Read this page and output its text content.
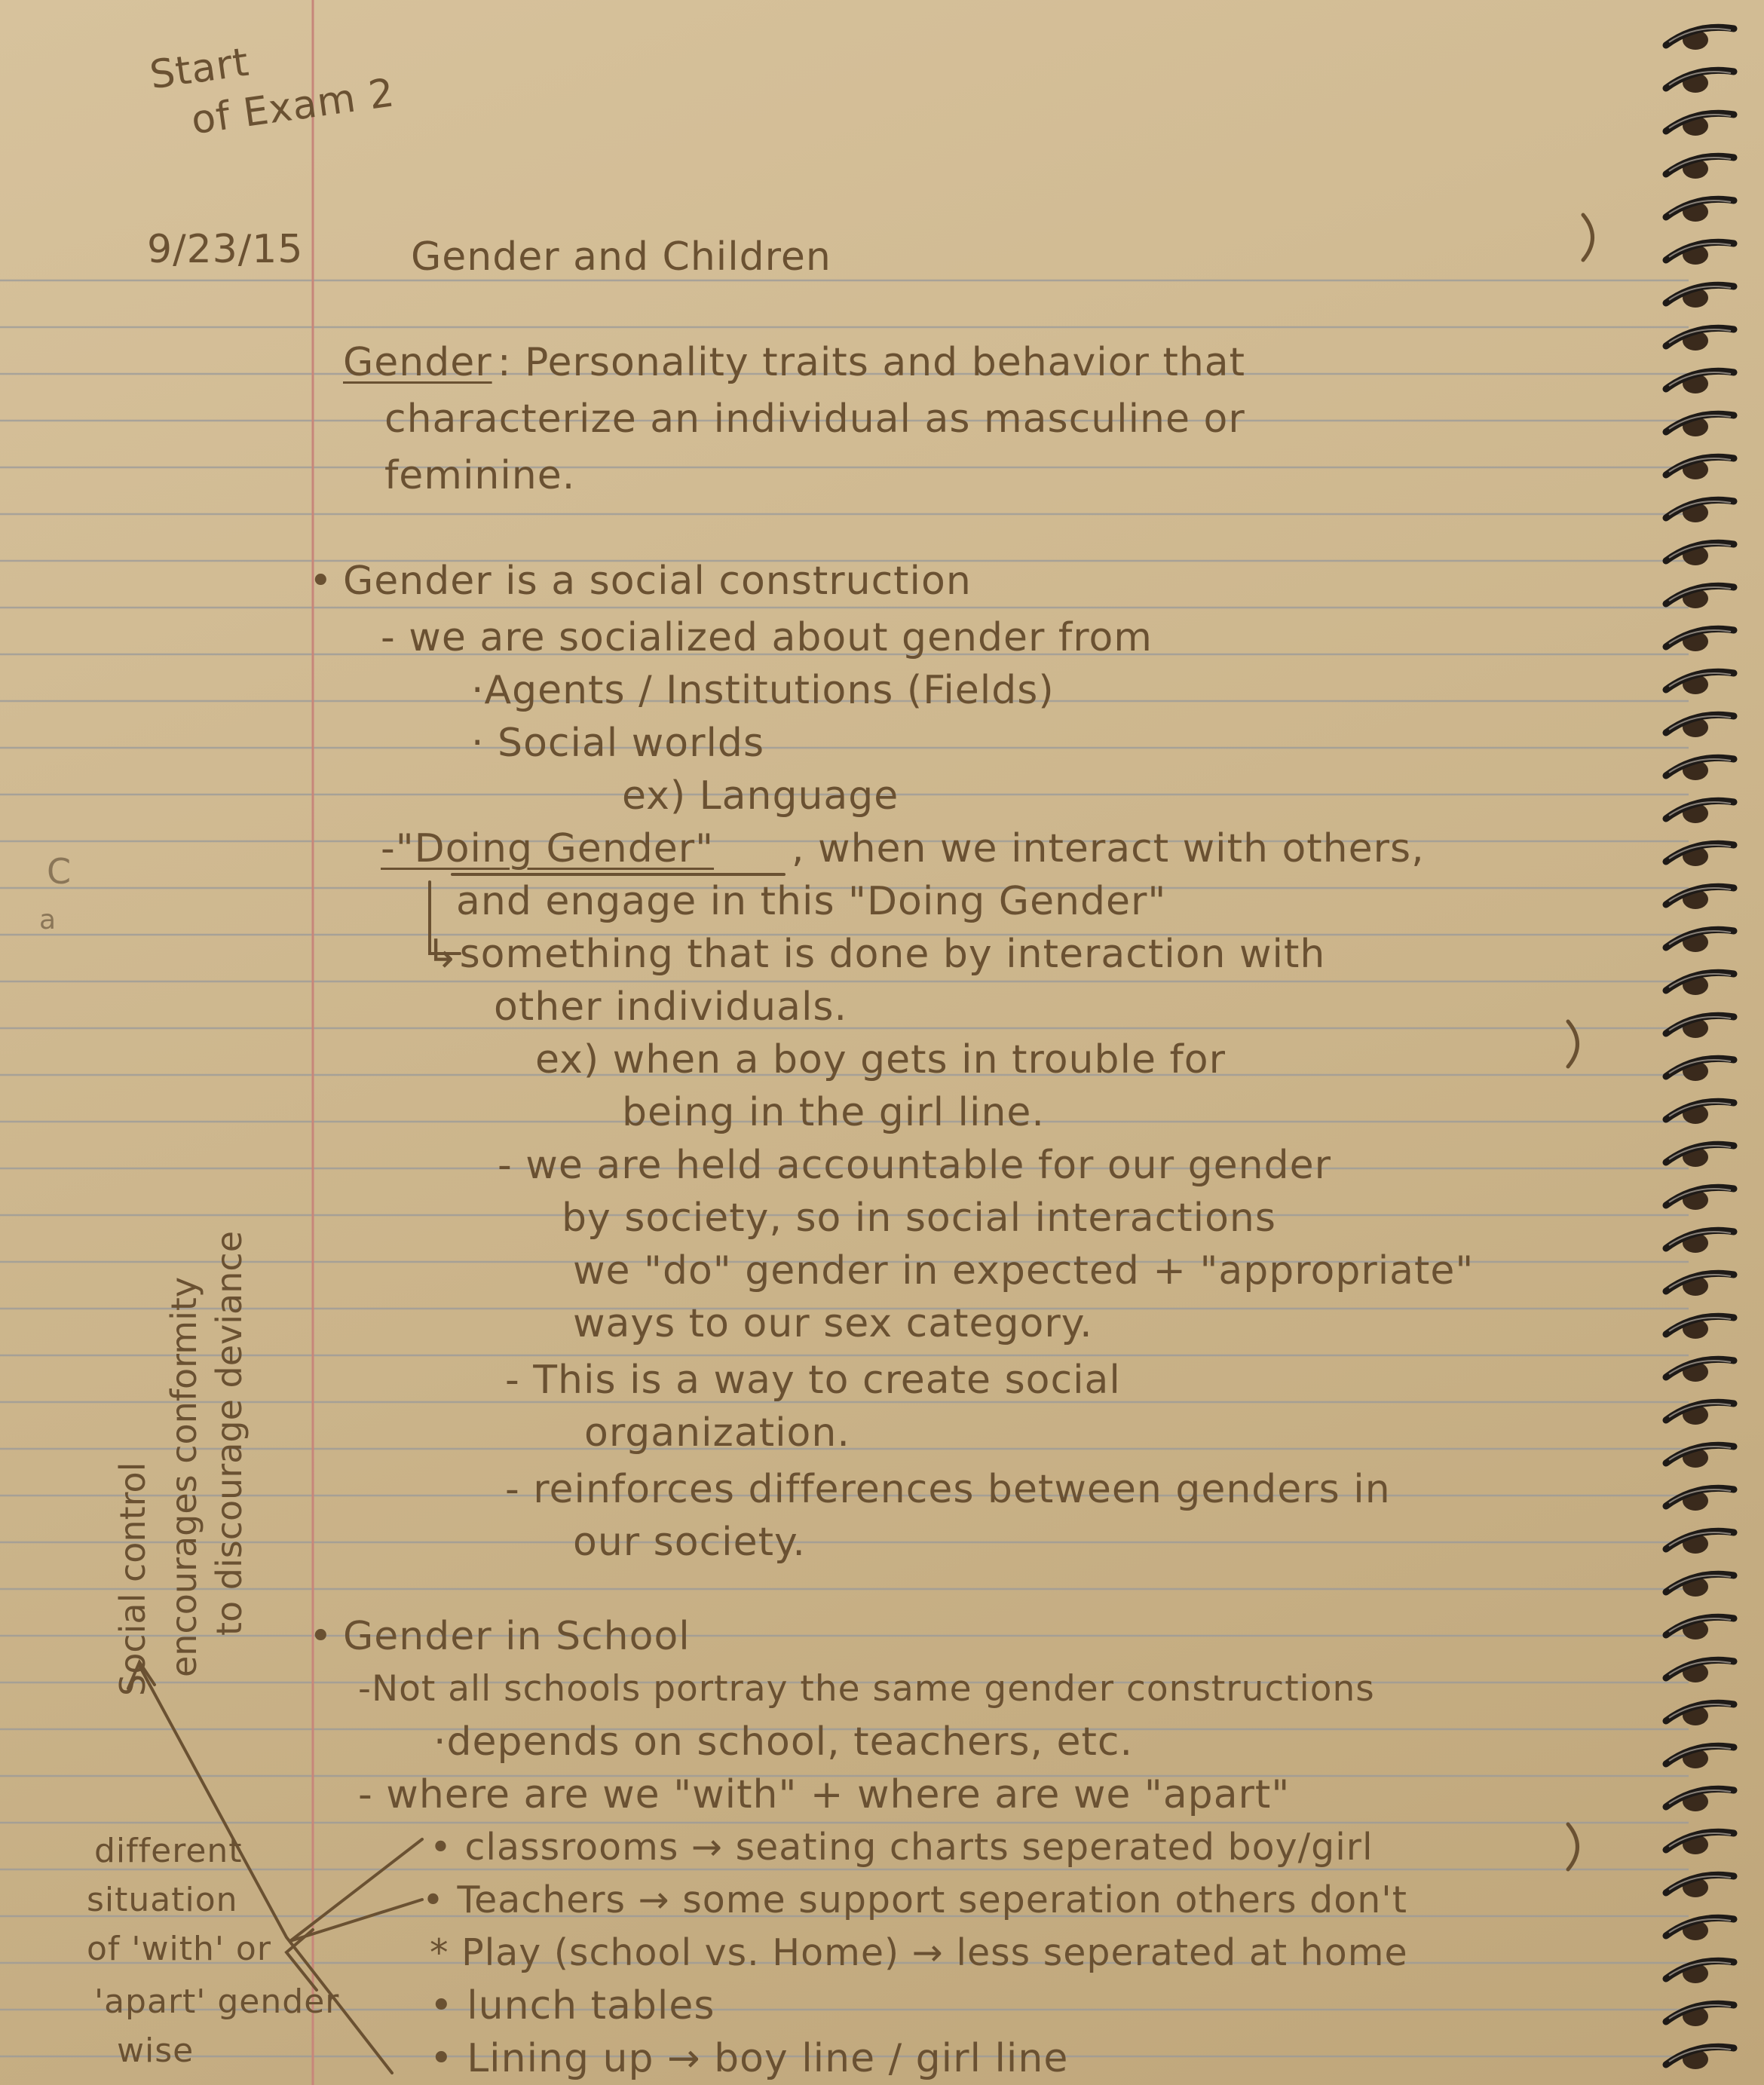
Start
of Exam 2
9/23/15	Gender and Children
Gender : Personality traits and behavior that
characterize an individual as masculine or
feminine.
• Gender is a social construction
- we are socialized about gender from
·Agents / Institutions (Fields)
· Social worlds
ex) Language
-"Doing Gender" , when we interact with others,
and engage in this "Doing Gender"
↳something that is done by interaction with
other individuals.
ex) when a boy gets in trouble for
being in the girl line.
- we are held accountable for our gender
by society, so in social interactions
we "do" gender in expected + "appropriate"
ways to our sex category.
- This is a way to create social
organization.
- reinforces differences between genders in
our society.
• Gender in School
-Not all schools portray the same gender constructions
·depends on school, teachers, etc.
- where are we "with" + where are we "apart"
• classrooms → seating charts seperated boy/girl
• Teachers → some support seperation others don't
* Play (school vs. Home) → less seperated at home
• lunch tables
• Lining up → boy line / girl line
Social control encourages conformity to discourage deviance
different
situation
of 'with' or
'apart' gender
wise
C
a
